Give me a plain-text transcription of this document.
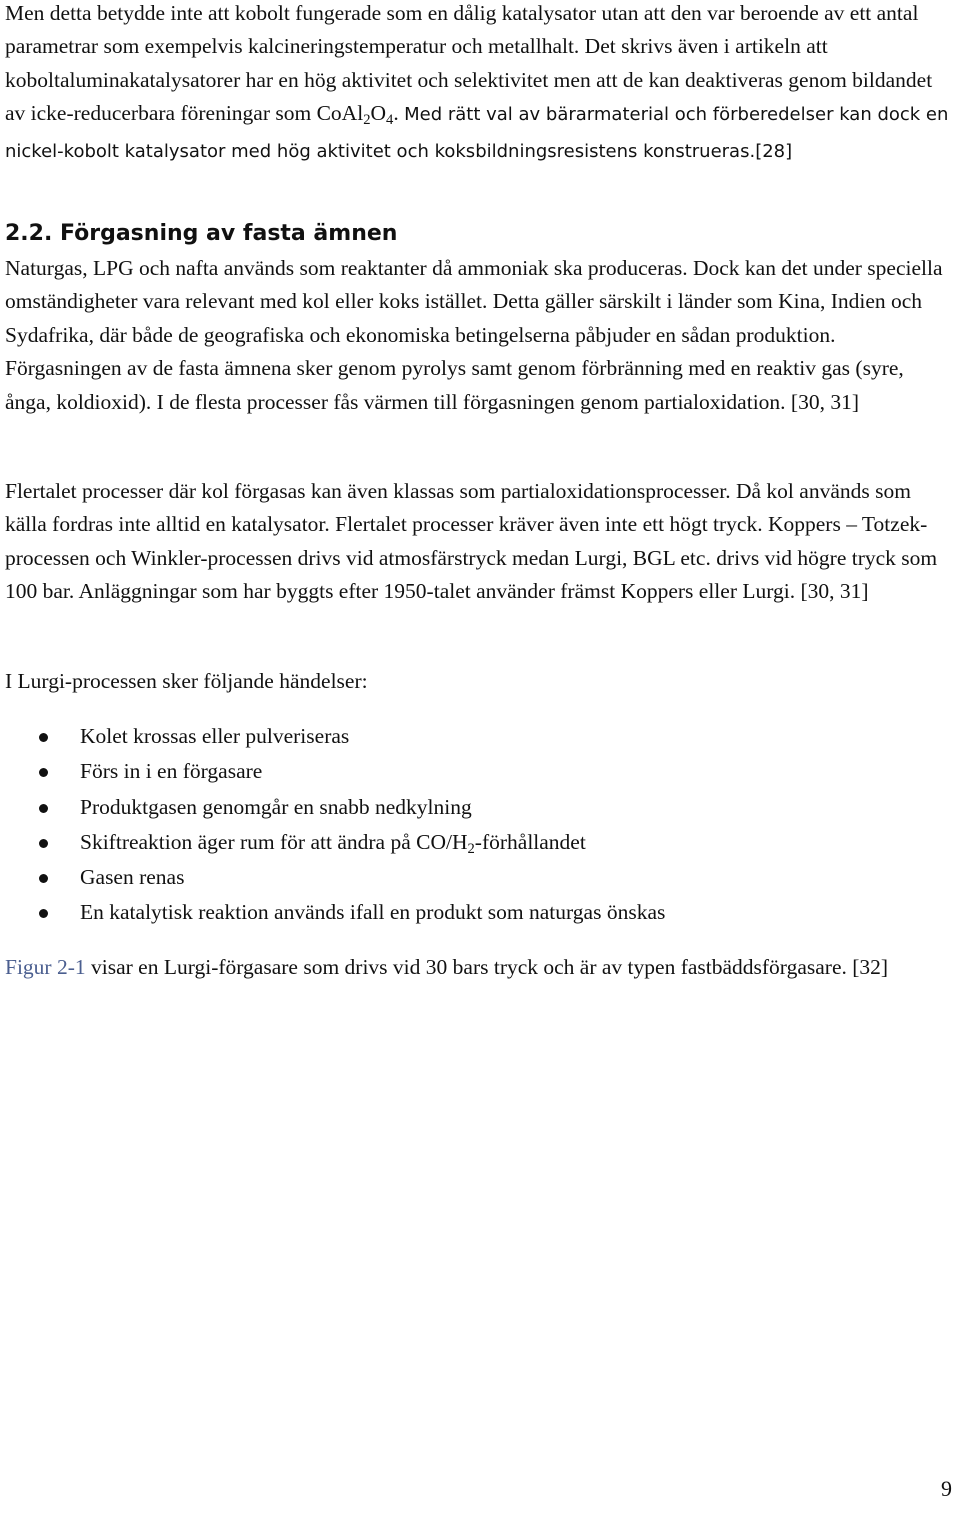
Men detta betydde inte att kobolt fungerade som en dålig katalysator utan att den var beroende av ett antal parametrar som exempelvis kalcineringstemperatur och metallhalt. Det skrivs även i artikeln att koboltaluminakatalysatorer har en hög aktivitet och selektivitet men att de kan deaktiveras genom bildandet av icke-reducerbara föreningar som $CoAl_2O_4$. Med rätt val av bärarmaterial och förberedelser kan dock en nickel-kobolt katalysator med hög aktivitet och koksbildningsresistens konstrueras.[28]

2.2. Förgasning av fasta ämnen

Naturgas, LPG och nafta används som reaktanter då ammoniak ska produceras. Dock kan det under speciella omständigheter vara relevant med kol eller koks istället. Detta gäller särskilt i länder som Kina, Indien och Sydafrika, där både de geografiska och ekonomiska betingelserna påbjuder en sådan produktion. Förgasningen av de fasta ämnena sker genom pyrolys samt genom förbränning med en reaktiv gas (syre, ånga, koldioxid). I de flesta processer fås värmen till förgasningen genom partialoxidation. [30, 31]

Flertalet processer där kol förgasas kan även klassas som partialoxidationsprocesser. Då kol används som källa fordras inte alltid en katalysator. Flertalet processer kräver även inte ett högt tryck. Koppers – Totzek-processen och Winkler-processen drivs vid atmosfärstryck medan Lurgi, BGL etc. drivs vid högre tryck som 100 bar. Anläggningar som har byggts efter 1950-talet använder främst Koppers eller Lurgi. [30, 31]

I Lurgi-processen sker följande händelser:

Kolet krossas eller pulveriseras
Förs in i en förgasare
Produktgasen genomgår en snabb nedkylning
Skiftreaktion äger rum för att ändra på $CO/H_2$-förhållandet
Gasen renas
En katalytisk reaktion används ifall en produkt som naturgas önskas

Figur 2-1 visar en Lurgi-förgasare som drivs vid 30 bars tryck och är av typen fastbäddsförgasare. [32]

9
